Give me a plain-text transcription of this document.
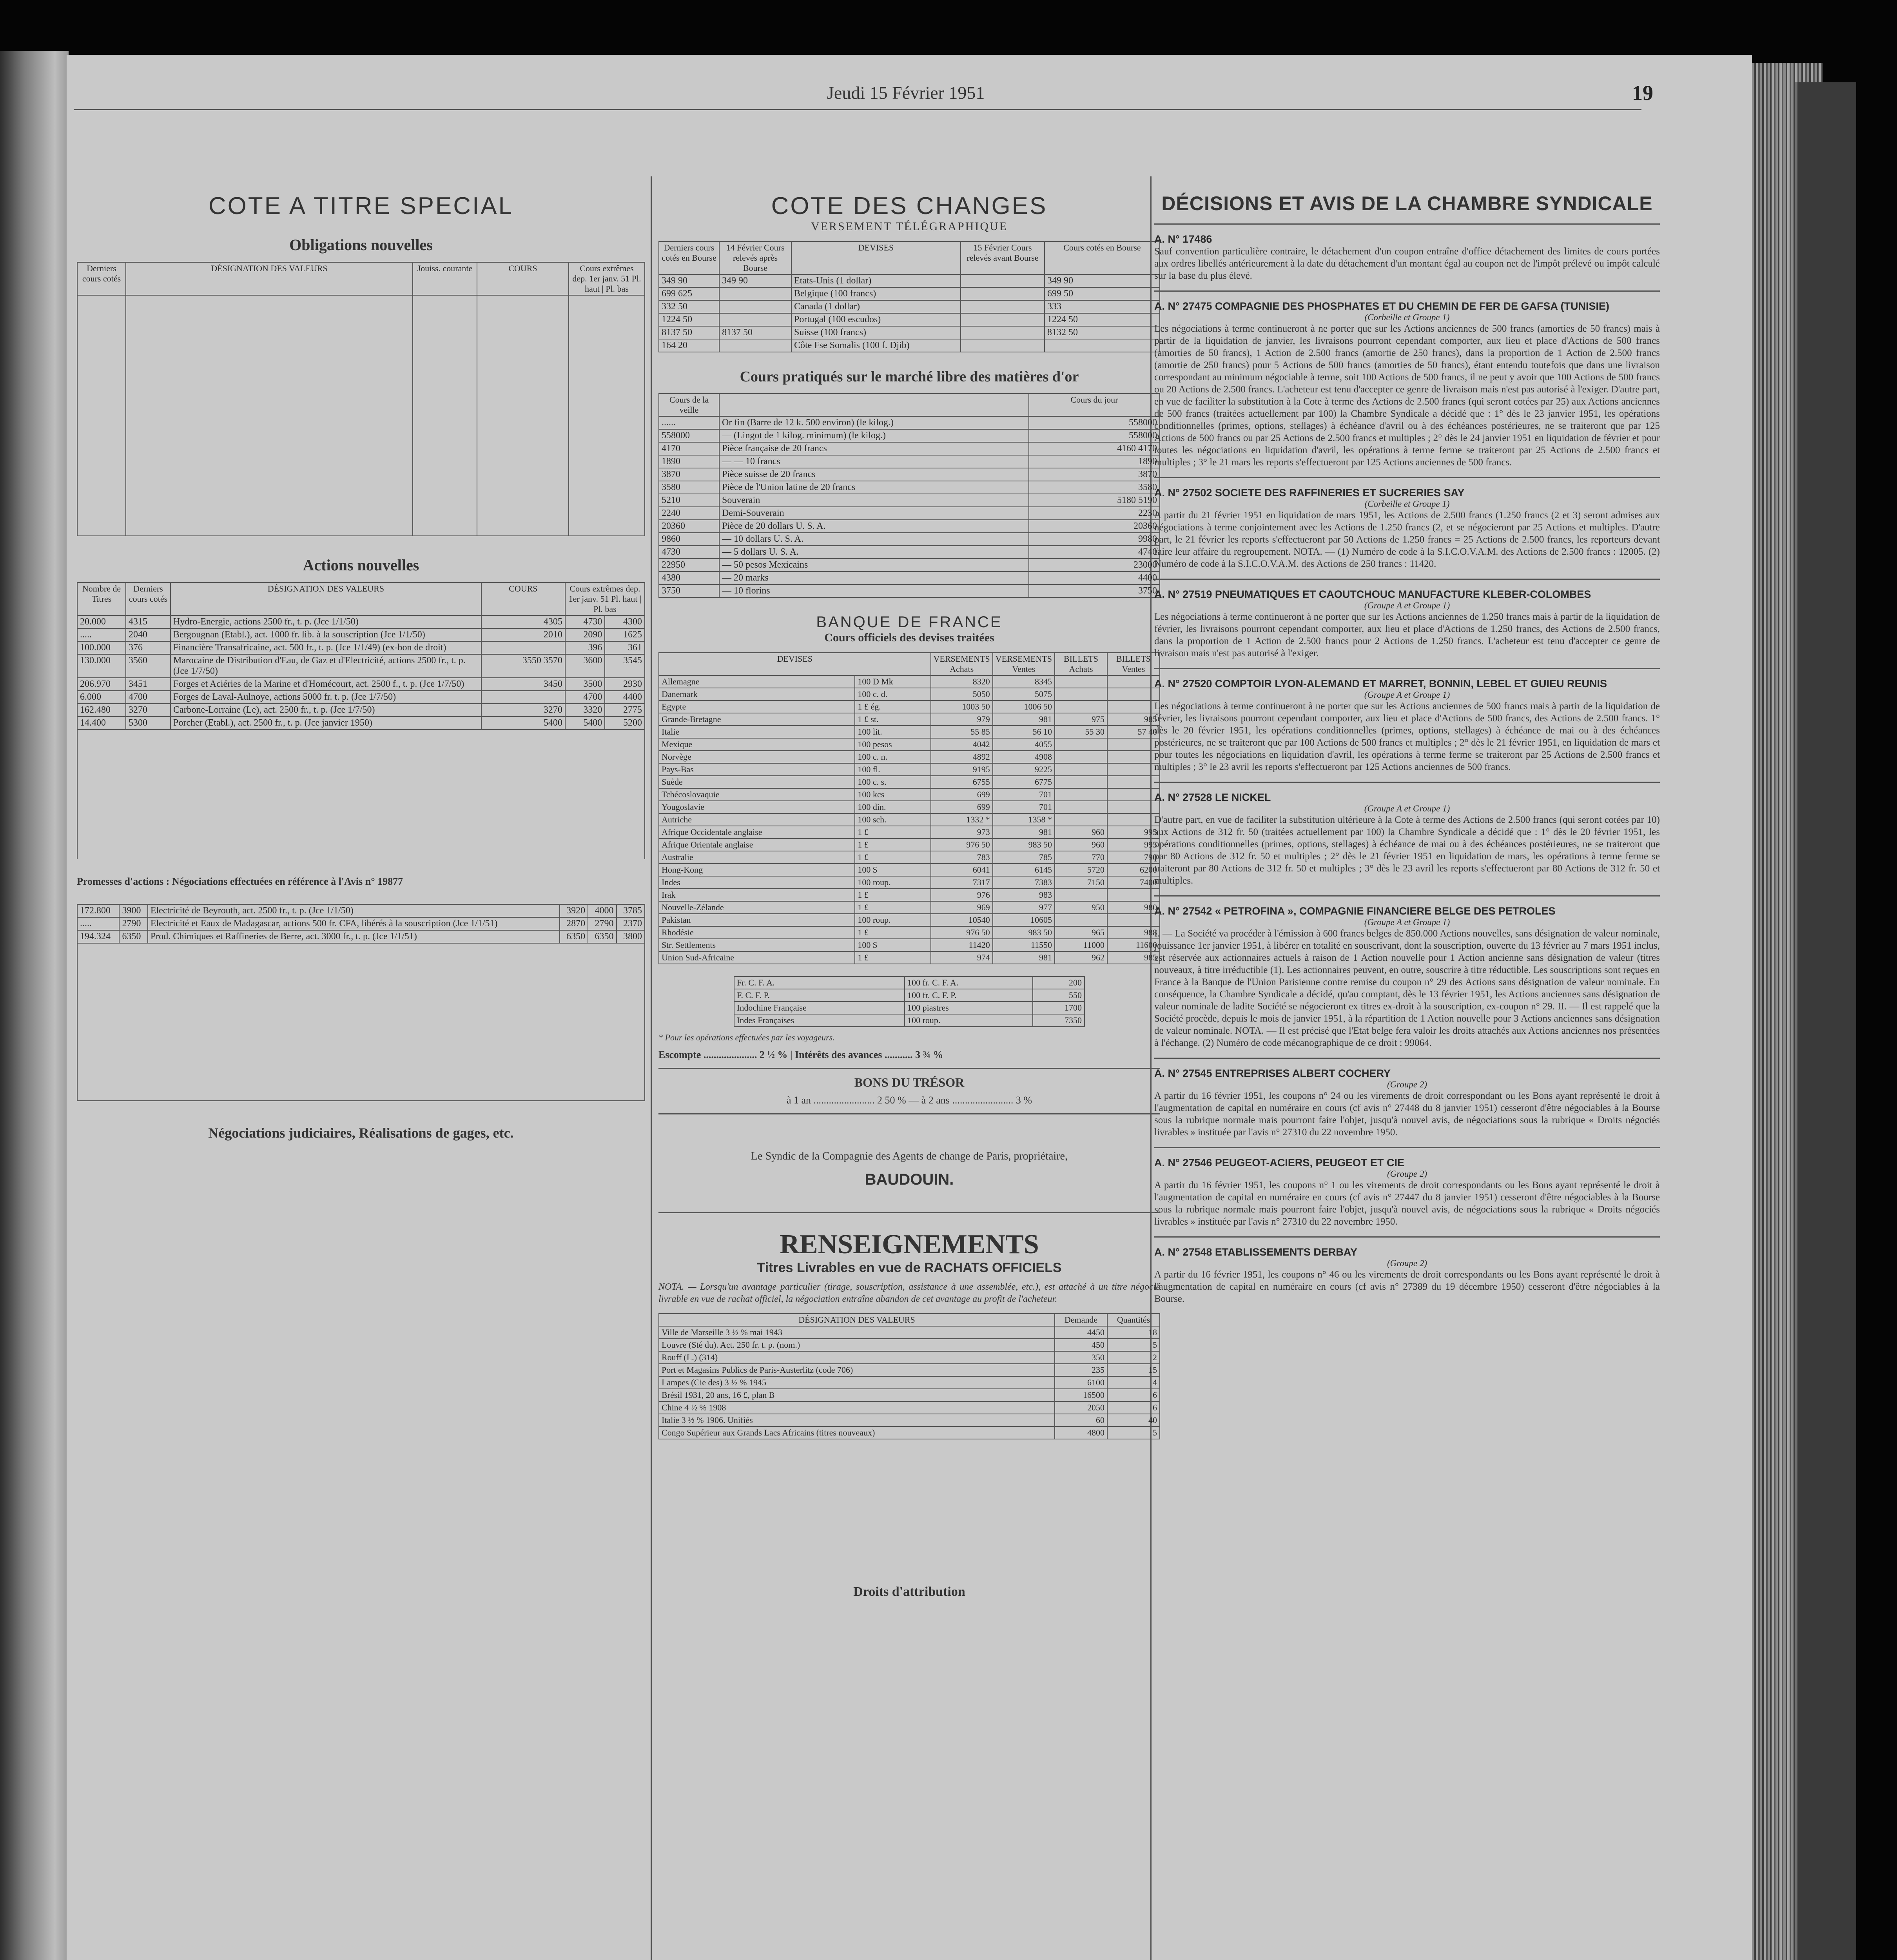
Jeudi 15 Février 1951	19
COTE A TITRE SPECIAL
Obligations nouvelles
Derniers cours cotés	DÉSIGNATION DES VALEURS	Jouiss. courante	COURS	Cours extrêmes dep. 1er janv. 51 Pl. haut | Pl. bas

Actions nouvelles
Nombre de Titres	Derniers cours cotés	DÉSIGNATION DES VALEURS	COURS	Cours extrêmes dep. 1er janv. 51 Pl. haut | Pl. bas	
20.000	4315	Hydro-Energie, actions 2500 fr., t. p. (Jce 1/1/50)	4305	4730	4300
.....	2040	Bergougnan (Etabl.), act. 1000 fr. lib. à la souscription (Jce 1/1/50)	2010	2090	1625
100.000	376	Financière Transafricaine, act. 500 fr., t. p. (Jce 1/1/49) (ex-bon de droit)		396	361
130.000	3560	Marocaine de Distribution d'Eau, de Gaz et d'Electricité, actions 2500 fr., t. p. (Jce 1/7/50)	3550 3570	3600	3545
206.970	3451	Forges et Aciéries de la Marine et d'Homécourt, act. 2500 f., t. p. (Jce 1/7/50)	3450	3500	2930
6.000	4700	Forges de Laval-Aulnoye, actions 5000 fr. t. p. (Jce 1/7/50)		4700	4400
162.480	3270	Carbone-Lorraine (Le), act. 2500 fr., t. p. (Jce 1/7/50)	3270	3320	2775
14.400	5300	Porcher (Etabl.), act. 2500 fr., t. p. (Jce janvier 1950)	5400	5400	5200
Promesses d'actions : Négociations effectuées en référence à l'Avis n° 19877
172.800	3900	Electricité de Beyrouth, act. 2500 fr., t. p. (Jce 1/1/50)	3920	4000	3785
.....	2790	Electricité et Eaux de Madagascar, actions 500 fr. CFA, libérés à la souscription (Jce 1/1/51)	2870	2790	2370
194.324	6350	Prod. Chimiques et Raffineries de Berre, act. 3000 fr., t. p. (Jce 1/1/51)	6350	6350	3800
Négociations judiciaires, Réalisations de gages, etc.
COTE DES CHANGES
VERSEMENT TÉLÉGRAPHIQUE
Derniers cours cotés en Bourse	14 Février Cours relevés après Bourse	DEVISES	15 Février Cours relevés avant Bourse	Cours cotés en Bourse
349 90	349 90	Etats-Unis (1 dollar)		349 90
699 625		Belgique (100 francs)		699 50
332 50		Canada (1 dollar)		333
1224 50		Portugal (100 escudos)		1224 50
8137 50	8137 50	Suisse (100 francs)		8132 50
164 20		Côte Fse Somalis (100 f. Djib)		
Cours pratiqués sur le marché libre des matières d'or
Cours de la veille		Cours du jour
......	Or fin (Barre de 12 k. 500 environ) (le kilog.)	558000
558000	— (Lingot de 1 kilog. minimum) (le kilog.)	558000
4170	Pièce française de 20 francs	4160 4170
1890	— — 10 francs	1890
3870	Pièce suisse de 20 francs	3870
3580	Pièce de l'Union latine de 20 francs	3580
5210	Souverain	5180 5190
2240	Demi-Souverain	2230
20360	Pièce de 20 dollars U. S. A.	20360
9860	— 10 dollars U. S. A.	9980
4730	— 5 dollars U. S. A.	4740
22950	— 50 pesos Mexicains	23000
4380	— 20 marks	4400
3750	— 10 florins	3750
BANQUE DE FRANCE
Cours officiels des devises traitées
DEVISES		VERSEMENTS Achats	VERSEMENTS Ventes	BILLETS Achats	BILLETS Ventes
Allemagne	100 D Mk	8320	8345		
Danemark	100 c. d.	5050	5075		
Egypte	1 £ ég.	1003 50	1006 50		
Grande-Bretagne	1 £ st.	979	981	975	985
Italie	100 lit.	55 85	56 10	55 30	57 40
Mexique	100 pesos	4042	4055		
Norvège	100 c. n.	4892	4908		
Pays-Bas	100 fl.	9195	9225		
Suède	100 c. s.	6755	6775		
Tchécoslovaquie	100 kcs	699	701		
Yougoslavie	100 din.	699	701		
Autriche	100 sch.	1332 *	1358 *		
Afrique Occidentale anglaise	1 £	973	981	960	995
Afrique Orientale anglaise	1 £	976 50	983 50	960	995
Australie	1 £	783	785	770	790
Hong-Kong	100 $	6041	6145	5720	6200
Indes	100 roup.	7317	7383	7150	7400
Irak	1 £	976	983		
Nouvelle-Zélande	1 £	969	977	950	980
Pakistan	100 roup.	10540	10605		
Rhodésie	1 £	976 50	983 50	965	988
Str. Settlements	100 $	11420	11550	11000	11600
Union Sud-Africaine	1 £	974	981	962	985
Fr. C. F. A.	100 fr. C. F. A.	200
F. C. F. P.	100 fr. C. F. P.	550
Indochine Française	100 piastres	1700
Indes Françaises	100 roup.	7350
* Pour les opérations effectuées par les voyageurs.
Escompte ..................... 2 ½ % | Intérêts des avances ........... 3 ¾ %
BONS DU TRÉSOR
à 1 an ........................ 2 50 % — à 2 ans ........................ 3 %
Le Syndic de la Compagnie des Agents de change de Paris, propriétaire,
BAUDOUIN.
RENSEIGNEMENTS
Titres Livrables en vue de RACHATS OFFICIELS
NOTA. — Lorsqu'un avantage particulier (tirage, souscription, assistance à une assemblée, etc.), est attaché à un titre négocié livrable en vue de rachat officiel, la négociation entraîne abandon de cet avantage au profit de l'acheteur.
DÉSIGNATION DES VALEURS	Demande	Quantités
Ville de Marseille 3 ½ % mai 1943	4450	18
Louvre (Sté du). Act. 250 fr. t. p. (nom.)	450	5
Rouff (L.) (314)	350	2
Port et Magasins Publics de Paris-Austerlitz (code 706)	235	15
Lampes (Cie des) 3 ½ % 1945	6100	4
Brésil 1931, 20 ans, 16 £, plan B	16500	6
Chine 4 ½ % 1908	2050	6
Italie 3 ½ % 1906. Unifiés	60	40
Congo Supérieur aux Grands Lacs Africains (titres nouveaux)	4800	5
Droits d'attribution
DÉCISIONS ET AVIS DE LA CHAMBRE SYNDICALE
A. N° 17486
Sauf convention particulière contraire, le détachement d'un coupon entraîne d'office détachement des limites de cours portées aux ordres libellés antérieurement à la date du détachement d'un montant égal au coupon net de l'impôt prélevé ou impôt calculé sur la base du plus élevé.
A. N° 27475 COMPAGNIE DES PHOSPHATES ET DU CHEMIN DE FER DE GAFSA (TUNISIE)
(Corbeille et Groupe 1)
Les négociations à terme continueront à ne porter que sur les Actions anciennes de 500 francs (amorties de 50 francs) mais à partir de la liquidation de janvier, les livraisons pourront cependant comporter, aux lieu et place d'Actions de 500 francs (amorties de 50 francs), 1 Action de 2.500 francs (amortie de 250 francs), dans la proportion de 1 Action de 2.500 francs (amortie de 250 francs) pour 5 Actions de 500 francs (amorties de 50 francs), étant entendu toutefois que dans une livraison correspondant au minimum négociable à terme, soit 100 Actions de 500 francs, il ne peut y avoir que 100 Actions de 500 francs ou 20 Actions de 2.500 francs. L'acheteur est tenu d'accepter ce genre de livraison mais n'est pas autorisé à l'exiger. D'autre part, en vue de faciliter la substitution à la Cote à terme des Actions de 2.500 francs (qui seront cotées par 25) aux Actions anciennes de 500 francs (traitées actuellement par 100) la Chambre Syndicale a décidé que : 1° dès le 23 janvier 1951, les opérations conditionnelles (primes, options, stellages) à échéance d'avril ou à des échéances postérieures, ne se traiteront que par 125 Actions de 500 francs ou par 25 Actions de 2.500 francs et multiples ; 2° dès le 24 janvier 1951 en liquidation de février et pour toutes les négociations en liquidation d'avril, les opérations à terme ferme se traiteront par 25 Actions de 2.500 francs et multiples ; 3° le 21 mars les reports s'effectueront par 125 Actions anciennes de 500 francs.
A. N° 27502 SOCIETE DES RAFFINERIES ET SUCRERIES SAY
(Corbeille et Groupe 1)
A partir du 21 février 1951 en liquidation de mars 1951, les Actions de 2.500 francs (1.250 francs (2 et 3) seront admises aux négociations à terme conjointement avec les Actions de 1.250 francs (2, et se négocieront par 25 Actions et multiples. D'autre part, le 21 février les reports s'effectueront par 50 Actions de 1.250 francs = 25 Actions de 2.500 francs, les reporteurs devant faire leur affaire du regroupement. NOTA. — (1) Numéro de code à la S.I.C.O.V.A.M. des Actions de 2.500 francs : 12005. (2) Numéro de code à la S.I.C.O.V.A.M. des Actions de 250 francs : 11420.
A. N° 27519 PNEUMATIQUES ET CAOUTCHOUC MANUFACTURE KLEBER-COLOMBES
(Groupe A et Groupe 1)
Les négociations à terme continueront à ne porter que sur les Actions anciennes de 1.250 francs mais à partir de la liquidation de février, les livraisons pourront cependant comporter, aux lieu et place d'Actions de 1.250 francs, des Actions de 2.500 francs, dans la proportion de 1 Action de 2.500 francs pour 2 Actions de 1.250 francs. L'acheteur est tenu d'accepter ce genre de livraison mais n'est pas autorisé à l'exiger.
A. N° 27520 COMPTOIR LYON-ALEMAND ET MARRET, BONNIN, LEBEL ET GUIEU REUNIS
(Groupe A et Groupe 1)
Les négociations à terme continueront à ne porter que sur les Actions anciennes de 500 francs mais à partir de la liquidation de février, les livraisons pourront cependant comporter, aux lieu et place d'Actions de 500 francs, des Actions de 2.500 francs. 1° dès le 20 février 1951, les opérations conditionnelles (primes, options, stellages) à échéance de mai ou à des échéances postérieures, ne se traiteront que par 100 Actions de 500 francs et multiples ; 2° dès le 21 février 1951, en liquidation de mars et pour toutes les négociations en liquidation d'avril, les opérations à terme ferme se traiteront par 25 Actions de 2.500 francs et multiples ; 3° le 23 avril les reports s'effectueront par 125 Actions anciennes de 500 francs.
A. N° 27528 LE NICKEL
(Groupe A et Groupe 1)
D'autre part, en vue de faciliter la substitution ultérieure à la Cote à terme des Actions de 2.500 francs (qui seront cotées par 10) aux Actions de 312 fr. 50 (traitées actuellement par 100) la Chambre Syndicale a décidé que : 1° dès le 20 février 1951, les opérations conditionnelles (primes, options, stellages) à échéance de mai ou à des échéances postérieures, ne se traiteront que par 80 Actions de 312 fr. 50 et multiples ; 2° dès le 21 février 1951 en liquidation de mars, les opérations à terme ferme se traiteront par 80 Actions de 312 fr. 50 et multiples ; 3° dès le 23 avril les reports s'effectueront par 80 Actions de 312 fr. 50 et multiples.
A. N° 27542 « PETROFINA », COMPAGNIE FINANCIERE BELGE DES PETROLES
(Groupe A et Groupe 1)
I. — La Société va procéder à l'émission à 600 francs belges de 850.000 Actions nouvelles, sans désignation de valeur nominale, jouissance 1er janvier 1951, à libérer en totalité en souscrivant, dont la souscription, ouverte du 13 février au 7 mars 1951 inclus, est réservée aux actionnaires actuels à raison de 1 Action nouvelle pour 1 Action ancienne sans désignation de valeur (titres nouveaux, à titre irréductible (1). Les actionnaires peuvent, en outre, souscrire à titre réductible. Les souscriptions sont reçues en France à la Banque de l'Union Parisienne contre remise du coupon n° 29 des Actions sans désignation de valeur nominale. En conséquence, la Chambre Syndicale a décidé, qu'au comptant, dès le 13 février 1951, les Actions anciennes sans désignation de valeur nominale de ladite Société se négocieront ex titres ex-droit à la souscription, ex-coupon n° 29. II. — Il est rappelé que la Société procède, depuis le mois de janvier 1951, à la répartition de 1 Action nouvelle pour 3 Actions anciennes sans désignation de valeur nominale. NOTA. — Il est précisé que l'Etat belge fera valoir les droits attachés aux Actions anciennes nos présentées à l'échange. (2) Numéro de code mécanographique de ce droit : 99064.
A. N° 27545 ENTREPRISES ALBERT COCHERY
(Groupe 2)
A partir du 16 février 1951, les coupons n° 24 ou les virements de droit correspondant ou les Bons ayant représenté le droit à l'augmentation de capital en numéraire en cours (cf avis n° 27448 du 8 janvier 1951) cesseront d'être négociables à la Bourse sous la rubrique normale mais pourront faire l'objet, jusqu'à nouvel avis, de négociations sous la rubrique « Droits négociés livrables » instituée par l'avis n° 27310 du 22 novembre 1950.
A. N° 27546 PEUGEOT-ACIERS, PEUGEOT ET CIE
(Groupe 2)
A partir du 16 février 1951, les coupons n° 1 ou les virements de droit correspondants ou les Bons ayant représenté le droit à l'augmentation de capital en numéraire en cours (cf avis n° 27447 du 8 janvier 1951) cesseront d'être négociables à la Bourse sous la rubrique normale mais pourront faire l'objet, jusqu'à nouvel avis, de négociations sous la rubrique « Droits négociés livrables » instituée par l'avis n° 27310 du 22 novembre 1950.
A. N° 27548 ETABLISSEMENTS DERBAY
(Groupe 2)
A partir du 16 février 1951, les coupons n° 46 ou les virements de droit correspondants ou les Bons ayant représenté le droit à l'augmentation de capital en numéraire en cours (cf avis n° 27389 du 19 décembre 1950) cesseront d'être négociables à la Bourse.
